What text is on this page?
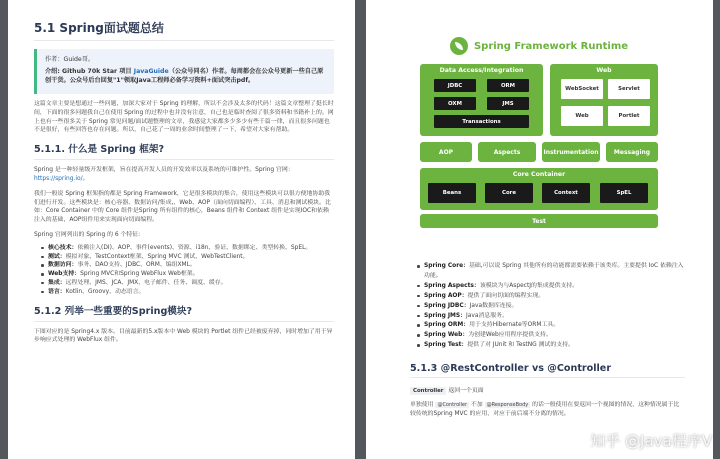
5.1 Spring面试题总结

作者：Guide哥。

介绍: Github 70k Star 项目 JavaGuide（公众号同名）作者。每周都会在公众号更新一些自己原创干货。公众号后台回复"1"领取Java工程师必备学习资料+面试突击pdf。

这篇文章主要是想通过一些问题，加深大家对于 Spring 的理解，所以不会涉及太多的代码！这篇文章整理了挺长时间，下面的很多问题我自己在使用 Spring 的过程中也并没有注意，自己也是临时查阅了很多资料和书籍补上的。网上也有一些很多关于 Spring 常见问题/面试题整理的文章，我感觉大家都多少多少有些千篇一律，而且很多问题也不是很好，有些回答也存在问题。所以，自己花了一周的业余时间整理了一下，希望对大家有帮助。
5.1.1. 什么是 Spring 框架?
Spring 是一种轻量级开发框架，旨在提高开发人员的开发效率以及系统的可维护性。Spring 官网：https://spring.io/。
我们一般说 Spring 框架指的都是 Spring Framework，它是很多模块的集合，使用这些模块可以很方便地协助我们进行开发。这些模块是：核心容器、数据访问/集成,、Web、AOP（面向切面编程）、工具、消息和测试模块。比如：Core Container 中的 Core 组件是Spring 所有组件的核心，Beans 组件和 Context 组件是实现IOC和依赖注入的基础，AOP组件用来实现面向切面编程。
Spring 官网列出的 Spring 的 6 个特征:
核心技术：依赖注入(DI)、AOP、事件(events)、资源、i18n、验证、数据绑定、类型转换、SpEL。
测试：模拟对象、TestContext框架、Spring MVC 测试、WebTestClient。
数据访问：事务、DAO支持、JDBC、ORM、编组XML。
Web支持：Spring MVC和Spring WebFlux Web框架。
集成：远程处理、JMS、JCA、JMX、电子邮件、任务、调度、缓存。
语言：Kotlin、Groovy、动态语言。
5.1.2 列举一些重要的Spring模块?
下图对应的是 Spring4.x 版本。目前最新的5.x版本中 Web 模块的 Portlet 组件已经被废弃掉，同时增加了用于异步响应式处理的 WebFlux 组件。
Spring Framework Runtime
Data Access/Integration
JDBC	ORM
OXM	JMS
Transactions
Web
WebSocket	Servlet
Web	Portlet
AOP	Aspects	Instrumentation	Messaging
Core Container
Beans	Core	Context	SpEL
Test
Spring Core：基础,可以说 Spring 其他所有的功能都需要依赖于该类库。主要提供 IoC 依赖注入功能。
Spring Aspects：该模块为与AspectJ的集成提供支持。
Spring AOP：提供了面向切面的编程实现。
Spring JDBC：Java数据库连接。
Spring JMS：Java消息服务。
Spring ORM：用于支持Hibernate等ORM工具。
Spring Web：为创建Web应用程序提供支持。
Spring Test：提供了对 JUnit 和 TestNG 测试的支持。
5.1.3 @RestController vs @Controller
Controller 返回一个页面
单独使用 @Controller 不加 @ResponseBody 的话一般使用在要返回一个视图的情况，这种情况属于比较传统的Spring MVC 的应用，对应于前后端不分离的情况。
知乎 @Java程序V
